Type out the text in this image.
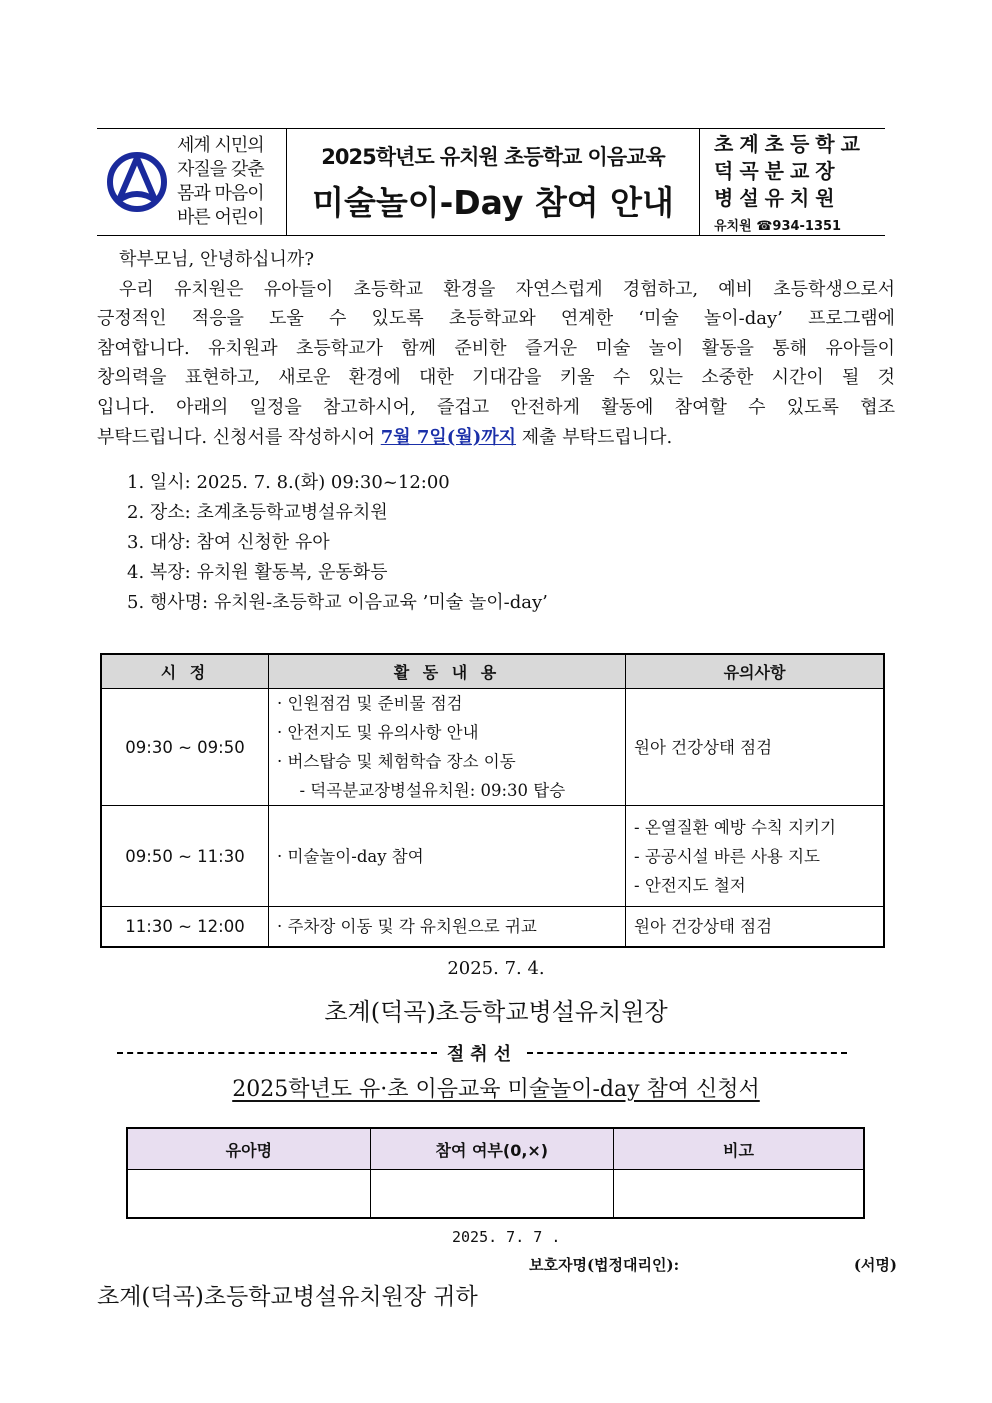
세계 시민의
자질을 갖춘
몸과 마음이
바른 어린이
2025학년도 유치원 초등학교 이음교육
미술놀이-Day 참여 안내
초계초등학교
덕곡분교장
병설유치원
유치원 ☎934-1351

학부모님, 안녕하십니까?

우리 유치원은 유아들이 초등학교 환경을 자연스럽게 경험하고, 예비 초등학생으로서

긍정적인 적응을 도울 수 있도록 초등학교와 연계한 ‘미술 놀이-day’ 프로그램에

참여합니다. 유치원과 초등학교가 함께 준비한 즐거운 미술 놀이 활동을 통해 유아들이

창의력을 표현하고, 새로운 환경에 대한 기대감을 키울 수 있는 소중한 시간이 될 것

입니다. 아래의 일정을 참고하시어, 즐겁고 안전하게 활동에 참여할 수 있도록 협조

부탁드립니다. 신청서를 작성하시어 7월 7일(월)까지 제출 부탁드립니다.

1. 일시: 2025. 7. 8.(화) 09:30~12:00
2. 장소: 초계초등학교병설유치원
3. 대상: 참여 신청한 유아
4. 복장: 유치원 활동복, 운동화등
5. 행사명: 유치원-초등학교 이음교육 ’미술 놀이-day’
시 정	활 동 내 용	유의사항
09:30 ~ 09:50	· 인원점검 및 준비물 점검
· 안전지도 및 유의사항 안내
· 버스탑승 및 체험학습 장소 이동
- 덕곡분교장병설유치원: 09:30 탑승	원아 건강상태 점검

09:50 ~ 11:30	· 미술놀이-day 참여	- 온열질환 예방 수칙 지키기
- 공공시설 바른 사용 지도
- 안전지도 철저

11:30 ~ 12:00	· 주차장 이동 및 각 유치원으로 귀교	원아 건강상태 점검
2025. 7. 4.
초계(덕곡)초등학교병설유치원장
절취선
2025학년도 유·초 이음교육 미술놀이-day 참여 신청서
유아명	참여 여부(0,×)	비고

2025. 7. 7 .
보호자명(법정대리인):	(서명)
초계(덕곡)초등학교병설유치원장 귀하
